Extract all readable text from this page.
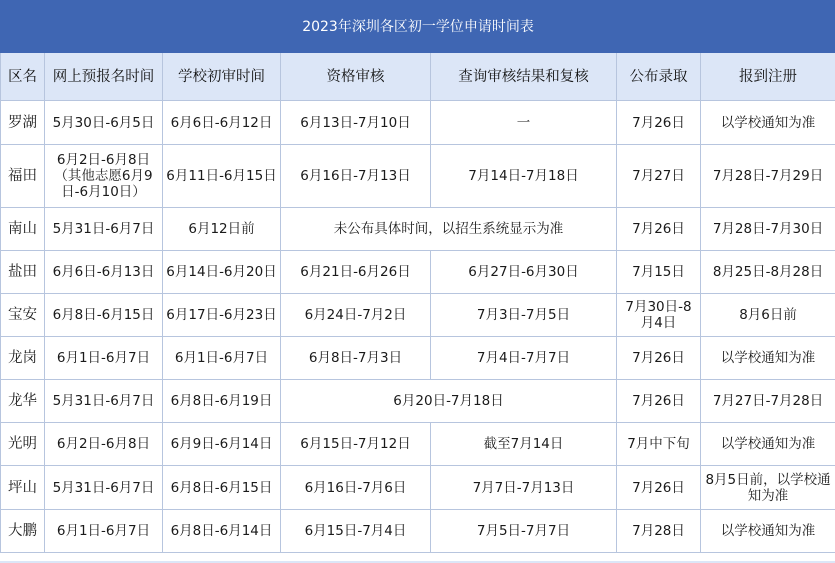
2023年深圳各区初一学位申请时间表						
区名	网上预报名时间	学校初审时间	资格审核	查询审核结果和复核	公布录取	报到注册
罗湖	5月30日-6月5日	6月6日-6月12日	6月13日-7月10日	一	7月26日	以学校通知为准
福田	6月2日-6月8日（其他志愿6月9日-6月10日）	6月11日-6月15日	6月16日-7月13日	7月14日-7月18日	7月27日	7月28日-7月29日
南山	5月31日-6月7日	6月12日前	未公布具体时间，以招生系统显示为准		7月26日	7月28日-7月30日
盐田	6月6日-6月13日	6月14日-6月20日	6月21日-6月26日	6月27日-6月30日	7月15日	8月25日-8月28日
宝安	6月8日-6月15日	6月17日-6月23日	6月24日-7月2日	7月3日-7月5日	7月30日-8月4日	8月6日前
龙岗	6月1日-6月7日	6月1日-6月7日	6月8日-7月3日	7月4日-7月7日	7月26日	以学校通知为准
龙华	5月31日-6月7日	6月8日-6月19日	6月20日-7月18日		7月26日	7月27日-7月28日
光明	6月2日-6月8日	6月9日-6月14日	6月15日-7月12日	截至7月14日	7月中下旬	以学校通知为准
坪山	5月31日-6月7日	6月8日-6月15日	6月16日-7月6日	7月7日-7月13日	7月26日	8月5日前，以学校通知为准
大鹏	6月1日-6月7日	6月8日-6月14日	6月15日-7月4日	7月5日-7月7日	7月28日	以学校通知为准
